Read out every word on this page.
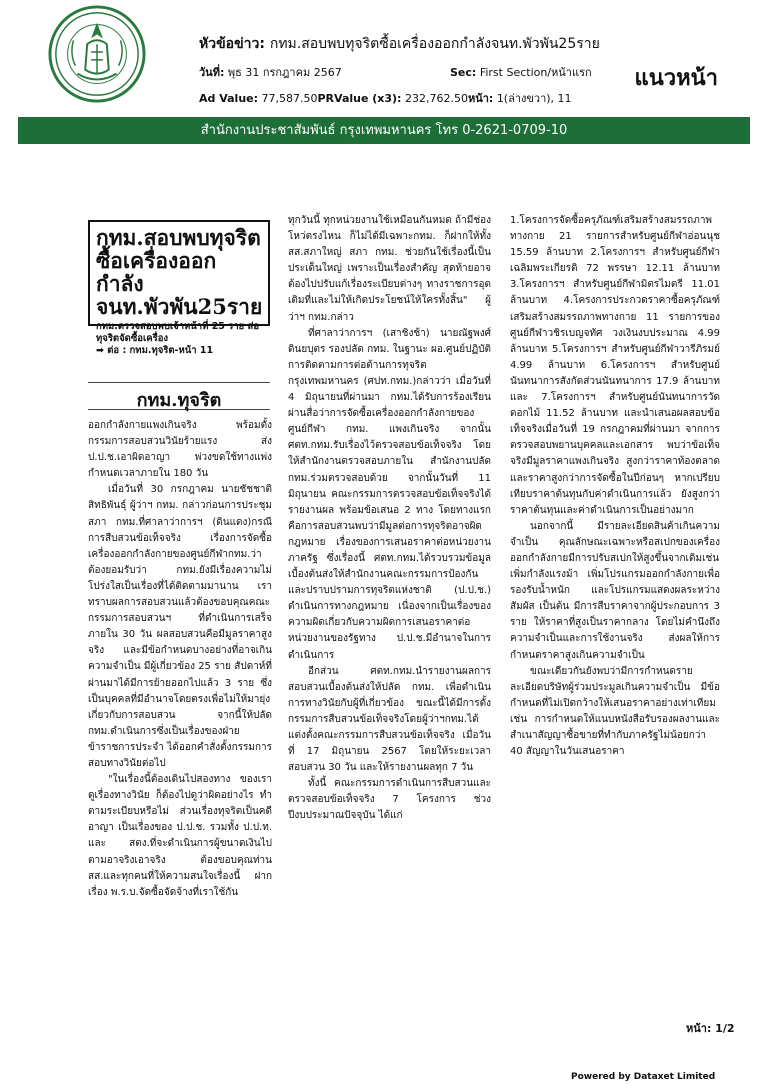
หัวข้อข่าว: กทม.สอบพบทุจริตซื้อเครื่องออกกำลังจนท.พัวพัน25ราย
วันที่: พุธ 31 กรกฎาคม 2567	Sec: First Section/หน้าแรก
Ad Value: 77,587.50PRValue (x3): 232,762.50หน้า: 1(ล่างขวา), 11
แนวหน้า
สำนักงานประชาสัมพันธ์ กรุงเทพมหานคร โทร 0-2621-0709-10
กทม.สอบพบทุจริต ซื้อเครื่องออกกำลัง จนท.พัวพัน25ราย
กทม.ตรวจสอบพบเจ้าหน้าที่ 25 ราย ส่อทุจริตจัดซื้อเครื่อง
➡ ต่อ : กทม.ทุจริต-หน้า 11
กทม.ทุจริต

ออกกำลังกายแพงเกินจริง พร้อมตั้งกรรมการสอบสวนวินัยร้ายแรง ส่ง ป.ป.ช.เอาผิดอาญา พ่วงขดใช้ทางแพ่ง กำหนดเวลาภายใน 180 วัน

เมื่อวันที่ 30 กรกฎาคม นายชัชชาติ สิทธิพันธุ์ ผู้ว่าฯ กทม. กล่าวก่อนการประชุมสภา กทม.ที่ศาลาว่าการฯ (ดินแดง)กรณีการสืบสวนข้อเท็จจริง เรื่องการจัดซื้อเครื่องออกกำลังกายของศูนย์กีฬากทม.ว่าต้องยอมรับว่า กทม.ยังมีเรื่องความไม่โปร่งใสเป็นเรื่องที่ได้ติดตามมานาน เราทราบผลการสอบสวนแล้วต้องขอบคุณคณะกรรมการสอบสวนฯ ที่ดำเนินการเสร็จภายใน 30 วัน ผลสอบสวนคือมีมูลราคาสูงจริง และมีข้อกำหนดบางอย่างที่อาจเกินความจำเป็น มีผู้เกี่ยวข้อง 25 ราย สัปดาห์ที่ผ่านมาได้มีการย้ายออกไปแล้ว 3 ราย ซึ่งเป็นบุคคลที่มีอำนาจโดยตรงเพื่อไม่ให้มายุ่งเกี่ยวกับการสอบสวน จากนี้ให้ปลัด กทม.ดำเนินการซึ่งเป็นเรื่องของฝ่ายข้าราชการประจำ ได้ออกคำสั่งตั้งกรรมการสอบทางวินัยต่อไป

"ในเรื่องนี้ต้องเดินไปสองทาง ของเราดูเรื่องทางวินัย ก็ต้องไปดูว่าผิดอย่างไร ทำตามระเบียบหรือไม่ ส่วนเรื่องทุจริตเป็นคดีอาญา เป็นเรื่องของ ป.ป.ช. รวมทั้ง ป.ป.ท. และ สตง.ที่จะดำเนินการผู้ขนาดเงินไป ตามอาจริงเอาจริง ต้องขอบคุณท่านสส.และทุกคนที่ให้ความสนใจเรื่องนี้ ฝากเรื่อง พ.ร.บ.จัดซื้อจัดจ้างที่เราใช้กัน

ทุกวันนี้ ทุกหน่วยงานใช้เหมือนกันหมด ถ้ามีช่องโหว่ตรงไหน ก็ไม่ได้มีเฉพาะกทม. ก็ฝากให้ทั้งสส.สภาใหญ่ สภา กทม. ช่วยกันใช้เรื่องนี้เป็นประเด็นใหญ่ เพราะเป็นเรื่องสำคัญ สุดท้ายอาจต้องไปปรับแก้เรื่องระเบียบต่างๆ ทางราชการอุดเติมที่และไม่ให้เกิดประโยชน์ให้ใครทั้งสิ้น" ผู้ว่าฯ กทม.กล่าว

ที่ศาลาว่าการฯ (เสาชิงช้า) นายณัฐพงศ์ ดินยบุตร รองปลัด กทม. ในฐานะ ผอ.ศูนย์ปฏิบัติการติดตามการต่อต้านการทุจริตกรุงเทพมหานคร (ศปท.กทม.)กล่าวว่า เมื่อวันที่ 4 มิถุนายนที่ผ่านมา กทม.ได้รับการร้องเรียนผ่านสื่อว่าการจัดซื้อเครื่องออกกำลังกายของศูนย์กีฬา กทม. แพงเกินจริง จากนั้น ศตท.กทม.รับเรื่องไว้ตรวจสอบข้อเท็จจริง โดยให้สำนักงานตรวจสอบภายใน สำนักงานปลัด กทม.ร่วมตรวจสอบด้วย จากนั้นวันที่ 11 มิถุนายน คณะกรรมการตรวจสอบข้อเท็จจริงได้รายงานผล พร้อมข้อเสนอ 2 ทาง โดยทางแรก คือการสอบสวนพบว่ามีมูลต่อการทุจริตอาจผิดกฎหมาย เรื่องของการเสนอราคาต่อหน่วยงานภาครัฐ ซึ่งเรื่องนี้ ศตท.กทม.ได้รวบรวมข้อมูลเบื้องต้นส่งให้สำนักงานคณะกรรมการป้องกันและปราบปรามการทุจริตแห่งชาติ (ป.ป.ช.) ดำเนินการทางกฎหมาย เนื่องจากเป็นเรื่องของความผิดเกี่ยวกับความผิดการเสนอราคาต่อหน่วยงานของรัฐทาง ป.ป.ช.มีอำนาจในการดำเนินการ

อีกส่วน ศตท.กทม.นำรายงานผลการสอบสวนเบื้องต้นส่งให้ปลัด กทม. เพื่อดำเนินการทางวินัยกับผู้ที่เกี่ยวข้อง ขณะนี้ได้มีการตั้งกรรมการสืบสวนข้อเท็จจริงโดยผู้ว่าฯกทม.ได้แต่งตั้งคณะกรรมการสืบสวนข้อเท็จจริง เมื่อวันที่ 17 มิถุนายน 2567 โดยให้ระยะเวลาสอบสวน 30 วัน และให้รายงานผลทุก 7 วัน

ทั้งนี้ คณะกรรมการดำเนินการสืบสวนและตรวจสอบข้อเท็จจริง 7 โครงการ ช่วงปีงบประมาณปัจจุบัน ได้แก่

1.โครงการจัดซื้อครุภัณฑ์เสริมสร้างสมรรถภาพทางกาย 21 รายการสำหรับศูนย์กีฬาอ่อนนุช 15.59 ล้านบาท 2.โครงการฯ สำหรับศูนย์กีฬาเฉลิมพระเกียรติ 72 พรรษา 12.11 ล้านบาท 3.โครงการฯ สำหรับศูนย์กีฬามิตรไมตรี 11.01 ล้านบาท 4.โครงการประกวดราคาซื้อครุภัณฑ์เสริมสร้างสมรรถภาพทางกาย 11 รายการของศูนย์กีฬาวชิรเบญจทัศ วงเงินงบประมาณ 4.99 ล้านบาท 5.โครงการฯ สำหรับศูนย์กีฬาวารีภิรมย์ 4.99 ล้านบาท 6.โครงการฯ สำหรับศูนย์นันทนาการสังกัดส่วนนันทนาการ 17.9 ล้านบาท และ 7.โครงการฯ สำหรับศูนย์นันทนาการวัดดอกไม้ 11.52 ล้านบาท และนำเสนอผลสอบข้อเท็จจริงเมื่อวันที่ 19 กรกฎาคมที่ผ่านมา จากการตรวจสอบพยานบุคคลและเอกสาร พบว่าข้อเท็จจริงมีมูลราคาแพงเกินจริง สูงกว่าราคาท้องตลาดและราคาสูงกว่าการจัดซื้อในปีก่อนๆ หากเปรียบเทียบราคาต้นทุนกับค่าดำเนินการแล้ว ยังสูงกว่าราคาต้นทุนและค่าดำเนินการเป็นอย่างมาก

นอกจากนี้ มีรายละเอียดสินค้าเกินความจำเป็น คุณลักษณะเฉพาะหรือสเปกของเครื่องออกกำลังกายมีการปรับสเปกให้สูงขึ้นจากเดิมเช่นเพิ่มกำลังแรงม้า เพิ่มโปรแกรมออกกำลังกายเพื่อรองรับน้ำหนัก และโปรแกรมแสดงผลระหว่างสัมผัส เป็นต้น มีการสืบราคาจากผู้ประกอบการ 3 ราย ให้ราคาที่สูงเป็นราคากลาง โดยไม่คำนึงถึงความจำเป็นและการใช้งานจริง ส่งผลให้การกำหนดราคาสูงเกินความจำเป็น

ขณะเดียวกันยังพบว่ามีการกำหนดรายละเอียดบริษัทผู้ร่วมประมูลเกินความจำเป็น มีข้อกำหนดที่ไม่เปิดกว้างให้เสนอราคาอย่างเท่าเทียม เช่น การกำหนดให้แนบหนังสือรับรองผลงานและสำเนาสัญญาซื้อขายที่ทำกับภาครัฐไม่น้อยกว่า 40 สัญญาในวันเสนอราคา

หน้า: 1/2
Powered by Dataxet Limited
